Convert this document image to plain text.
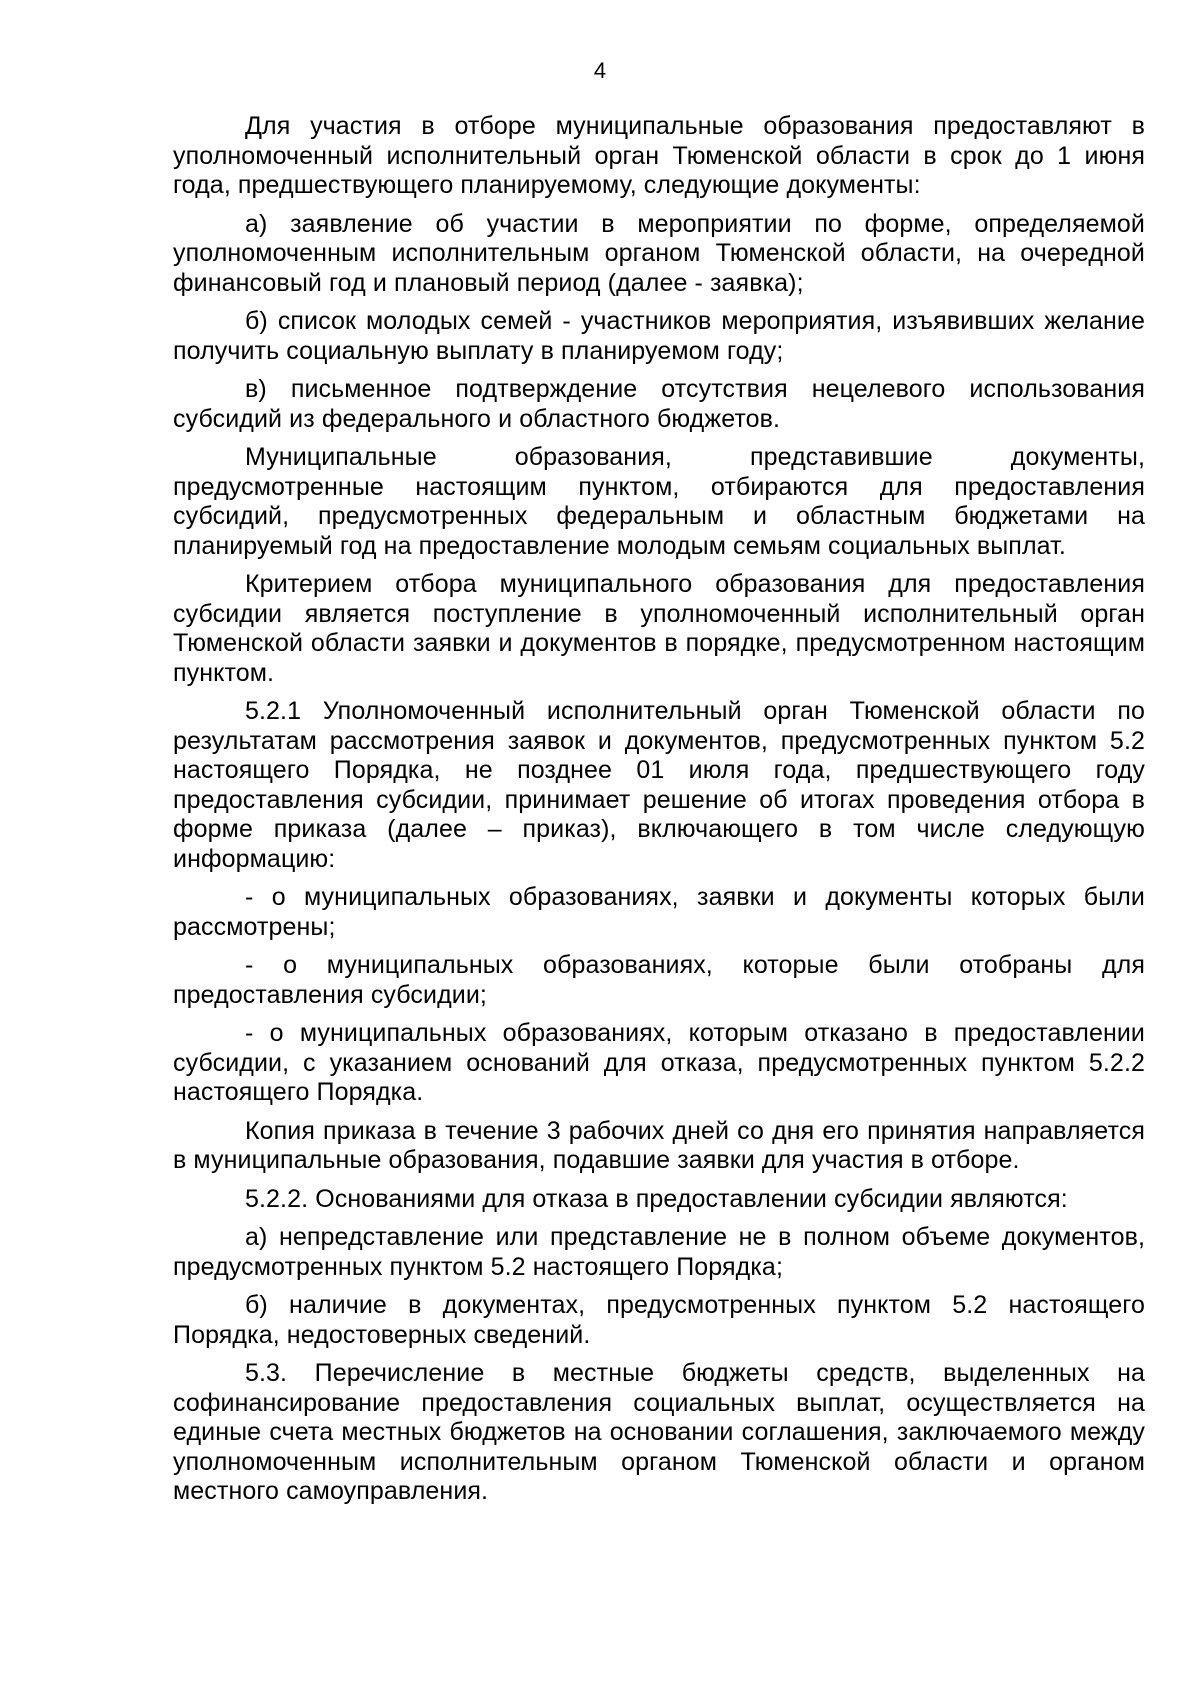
4

Для участия в отборе муниципальные образования предоставляют в уполномоченный исполнительный орган Тюменской области в срок до 1 июня года, предшествующего планируемому, следующие документы:

а) заявление об участии в мероприятии по форме, определяемой уполномоченным исполнительным органом Тюменской области, на очередной финансовый год и плановый период (далее - заявка);

б) список молодых семей - участников мероприятия, изъявивших желание получить социальную выплату в планируемом году;

в) письменное подтверждение отсутствия нецелевого использования субсидий из федерального и областного бюджетов.

Муниципальные образования, представившие документы, предусмотренные настоящим пунктом, отбираются для предоставления субсидий, предусмотренных федеральным и областным бюджетами на планируемый год на предоставление молодым семьям социальных выплат.

Критерием отбора муниципального образования для предоставления субсидии является поступление в уполномоченный исполнительный орган Тюменской области заявки и документов в порядке, предусмотренном настоящим пунктом.

5.2.1 Уполномоченный исполнительный орган Тюменской области по результатам рассмотрения заявок и документов, предусмотренных пунктом 5.2 настоящего Порядка, не позднее 01 июля года, предшествующего году предоставления субсидии, принимает решение об итогах проведения отбора в форме приказа (далее – приказ), включающего в том числе следующую информацию:

- о муниципальных образованиях, заявки и документы которых были рассмотрены;

- о муниципальных образованиях, которые были отобраны для предоставления субсидии;

- о муниципальных образованиях, которым отказано в предоставлении субсидии, с указанием оснований для отказа, предусмотренных пунктом 5.2.2 настоящего Порядка.

Копия приказа в течение 3 рабочих дней со дня его принятия направляется в муниципальные образования, подавшие заявки для участия в отборе.

5.2.2. Основаниями для отказа в предоставлении субсидии являются:

а) непредставление или представление не в полном объеме документов, предусмотренных пунктом 5.2 настоящего Порядка;

б) наличие в документах, предусмотренных пунктом 5.2 настоящего Порядка, недостоверных сведений.

5.3. Перечисление в местные бюджеты средств, выделенных на софинансирование предоставления социальных выплат, осуществляется на единые счета местных бюджетов на основании соглашения, заключаемого между уполномоченным исполнительным органом Тюменской области и органом местного самоуправления.
